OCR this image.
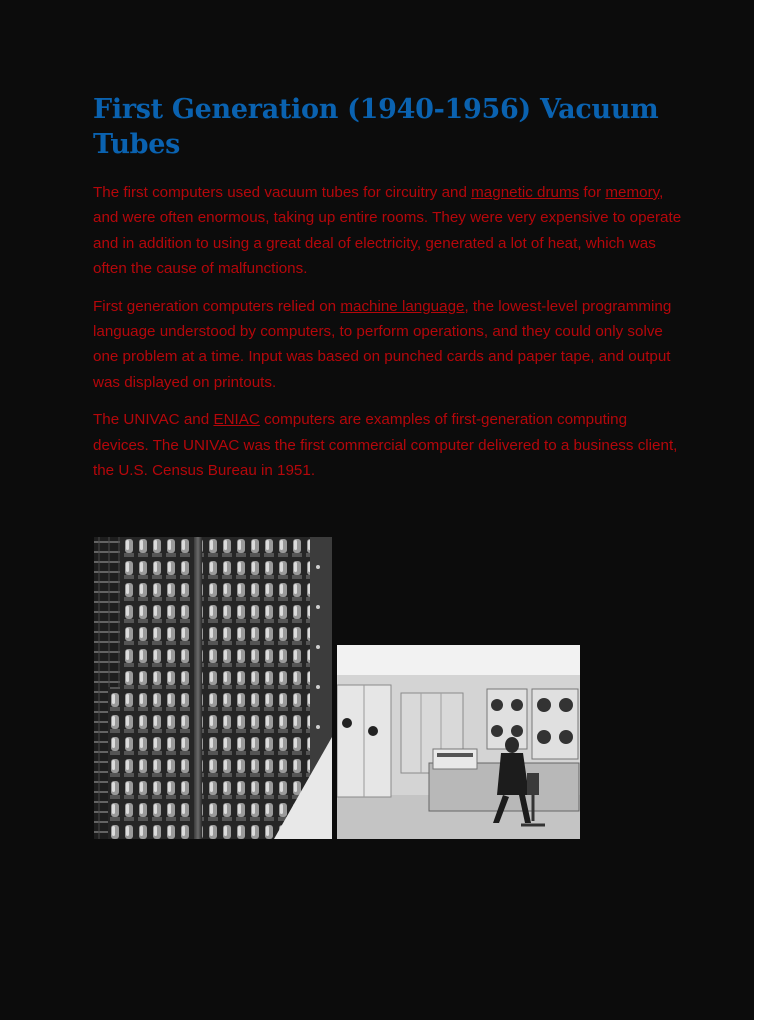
First Generation (1940-1956) Vacuum Tubes

The first computers used vacuum tubes for circuitry and magnetic drums for memory, and were often enormous, taking up entire rooms. They were very expensive to operate and in addition to using a great deal of electricity, generated a lot of heat, which was often the cause of malfunctions.

First generation computers relied on machine language, the lowest-level programming language understood by computers, to perform operations, and they could only solve one problem at a time. Input was based on punched cards and paper tape, and output was displayed on printouts.

The UNIVAC and ENIAC computers are examples of first-generation computing devices. The UNIVAC was the first commercial computer delivered to a business client, the U.S. Census Bureau in 1951.
